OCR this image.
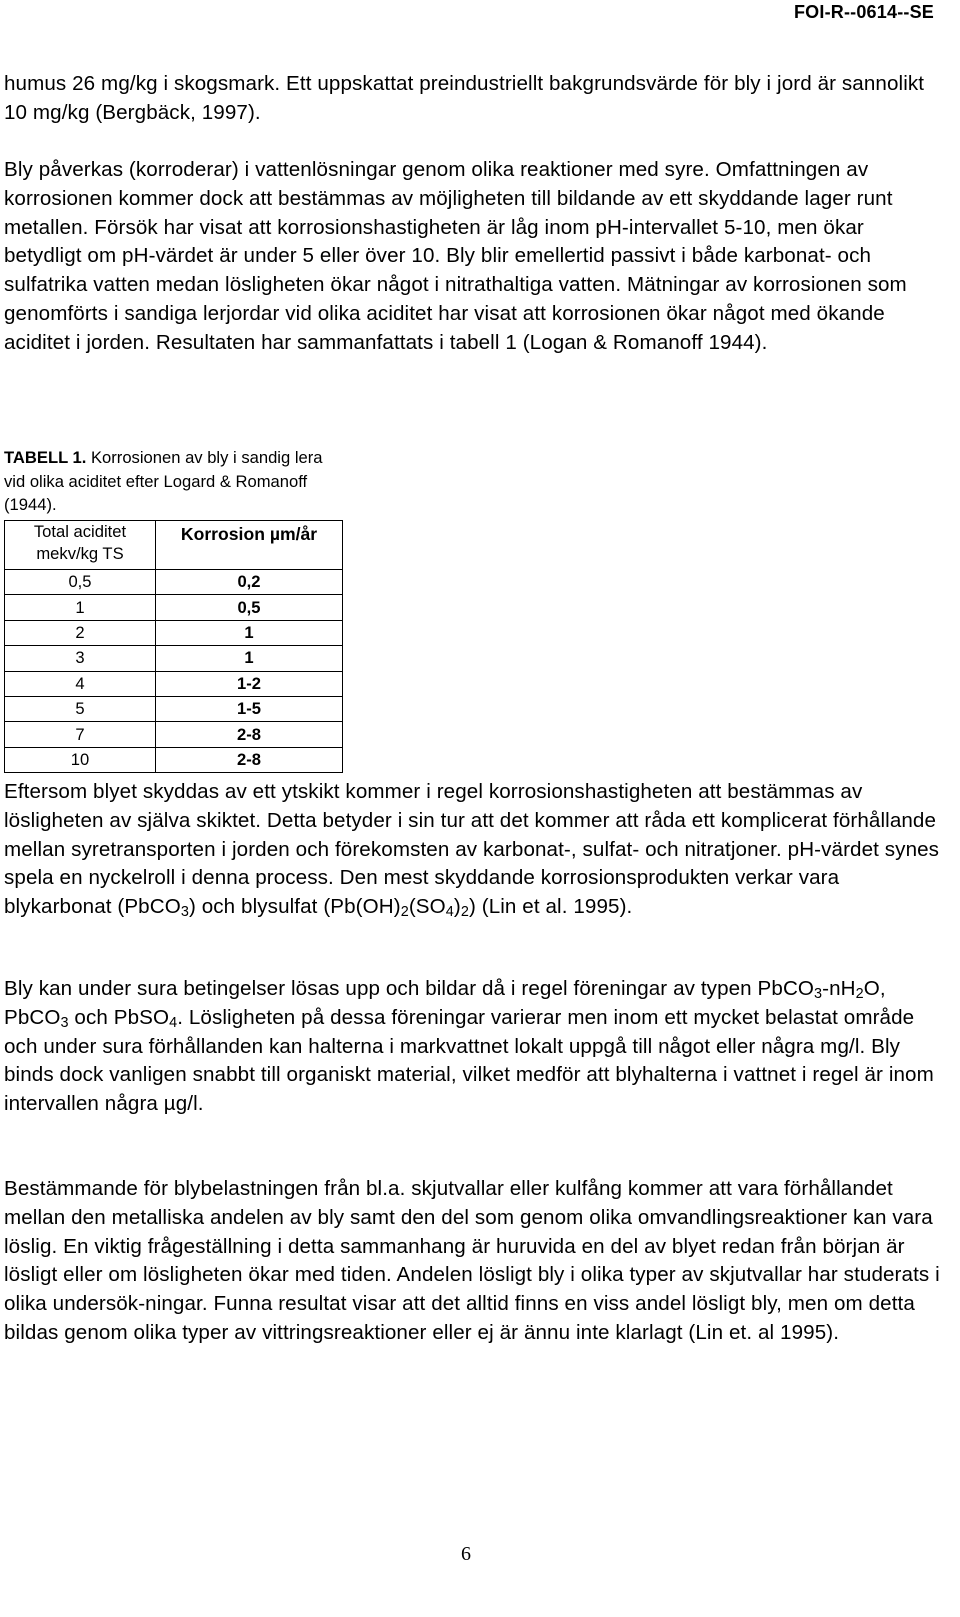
FOI-R--0614--SE

humus 26 mg/kg i skogsmark. Ett uppskattat preindustriellt bakgrundsvärde för bly i jord är sannolikt 10 mg/kg (Bergbäck, 1997).

Bly påverkas (korroderar) i vattenlösningar genom olika reaktioner med syre. Omfattningen av korrosionen kommer dock att bestämmas av möjligheten till bildande av ett skyddande lager runt metallen. Försök har visat att korrosionshastigheten är låg inom pH-intervallet 5-10, men ökar betydligt om pH-värdet är under 5 eller över 10. Bly blir emellertid passivt i både karbonat- och sulfatrika vatten medan lösligheten ökar något i nitrathaltiga vatten. Mätningar av korrosionen som genomförts i sandiga lerjordar vid olika aciditet har visat att korrosionen ökar något med ökande aciditet i jorden. Resultaten har sammanfattats i tabell 1 (Logan & Romanoff 1944).

TABELL 1. Korrosionen av bly i sandig lera vid olika aciditet efter Logard & Romanoff (1944).

Total aciditet mekv/kg TS	Korrosion µm/år
0,5	0,2
1	0,5
2	1
3	1
4	1-2
5	1-5
7	2-8
10	2-8

Eftersom blyet skyddas av ett ytskikt kommer i regel korrosionshastigheten att bestämmas av lösligheten av själva skiktet. Detta betyder i sin tur att det kommer att råda ett komplicerat förhållande mellan syretransporten i jorden och förekomsten av karbonat-, sulfat- och nitratjoner. pH-värdet synes spela en nyckelroll i denna process. Den mest skyddande korrosionsprodukten verkar vara blykarbonat (PbCO$_3$) och blysulfat $(Pb(OH)_2(SO_4)_2)$ (Lin et al. 1995).

Bly kan under sura betingelser lösas upp och bildar då i regel föreningar av typen $PbCO_3-nH_2O$, PbCO$_3$ och PbSO$_4$. Lösligheten på dessa föreningar varierar men inom ett mycket belastat område och under sura förhållanden kan halterna i markvattnet lokalt uppgå till något eller några mg/l. Bly binds dock vanligen snabbt till organiskt material, vilket medför att blyhalterna i vattnet i regel är inom intervallen några µg/l.

Bestämmande för blybelastningen från bl.a. skjutvallar eller kulfång kommer att vara förhållandet mellan den metalliska andelen av bly samt den del som genom olika omvandlingsreaktioner kan vara löslig. En viktig frågeställning i detta sammanhang är huruvida en del av blyet redan från början är lösligt eller om lösligheten ökar med tiden. Andelen lösligt bly i olika typer av skjutvallar har studerats i olika undersök-ningar. Funna resultat visar att det alltid finns en viss andel lösligt bly, men om detta bildas genom olika typer av vittringsreaktioner eller ej är ännu inte klarlagt (Lin et. al 1995).

6
